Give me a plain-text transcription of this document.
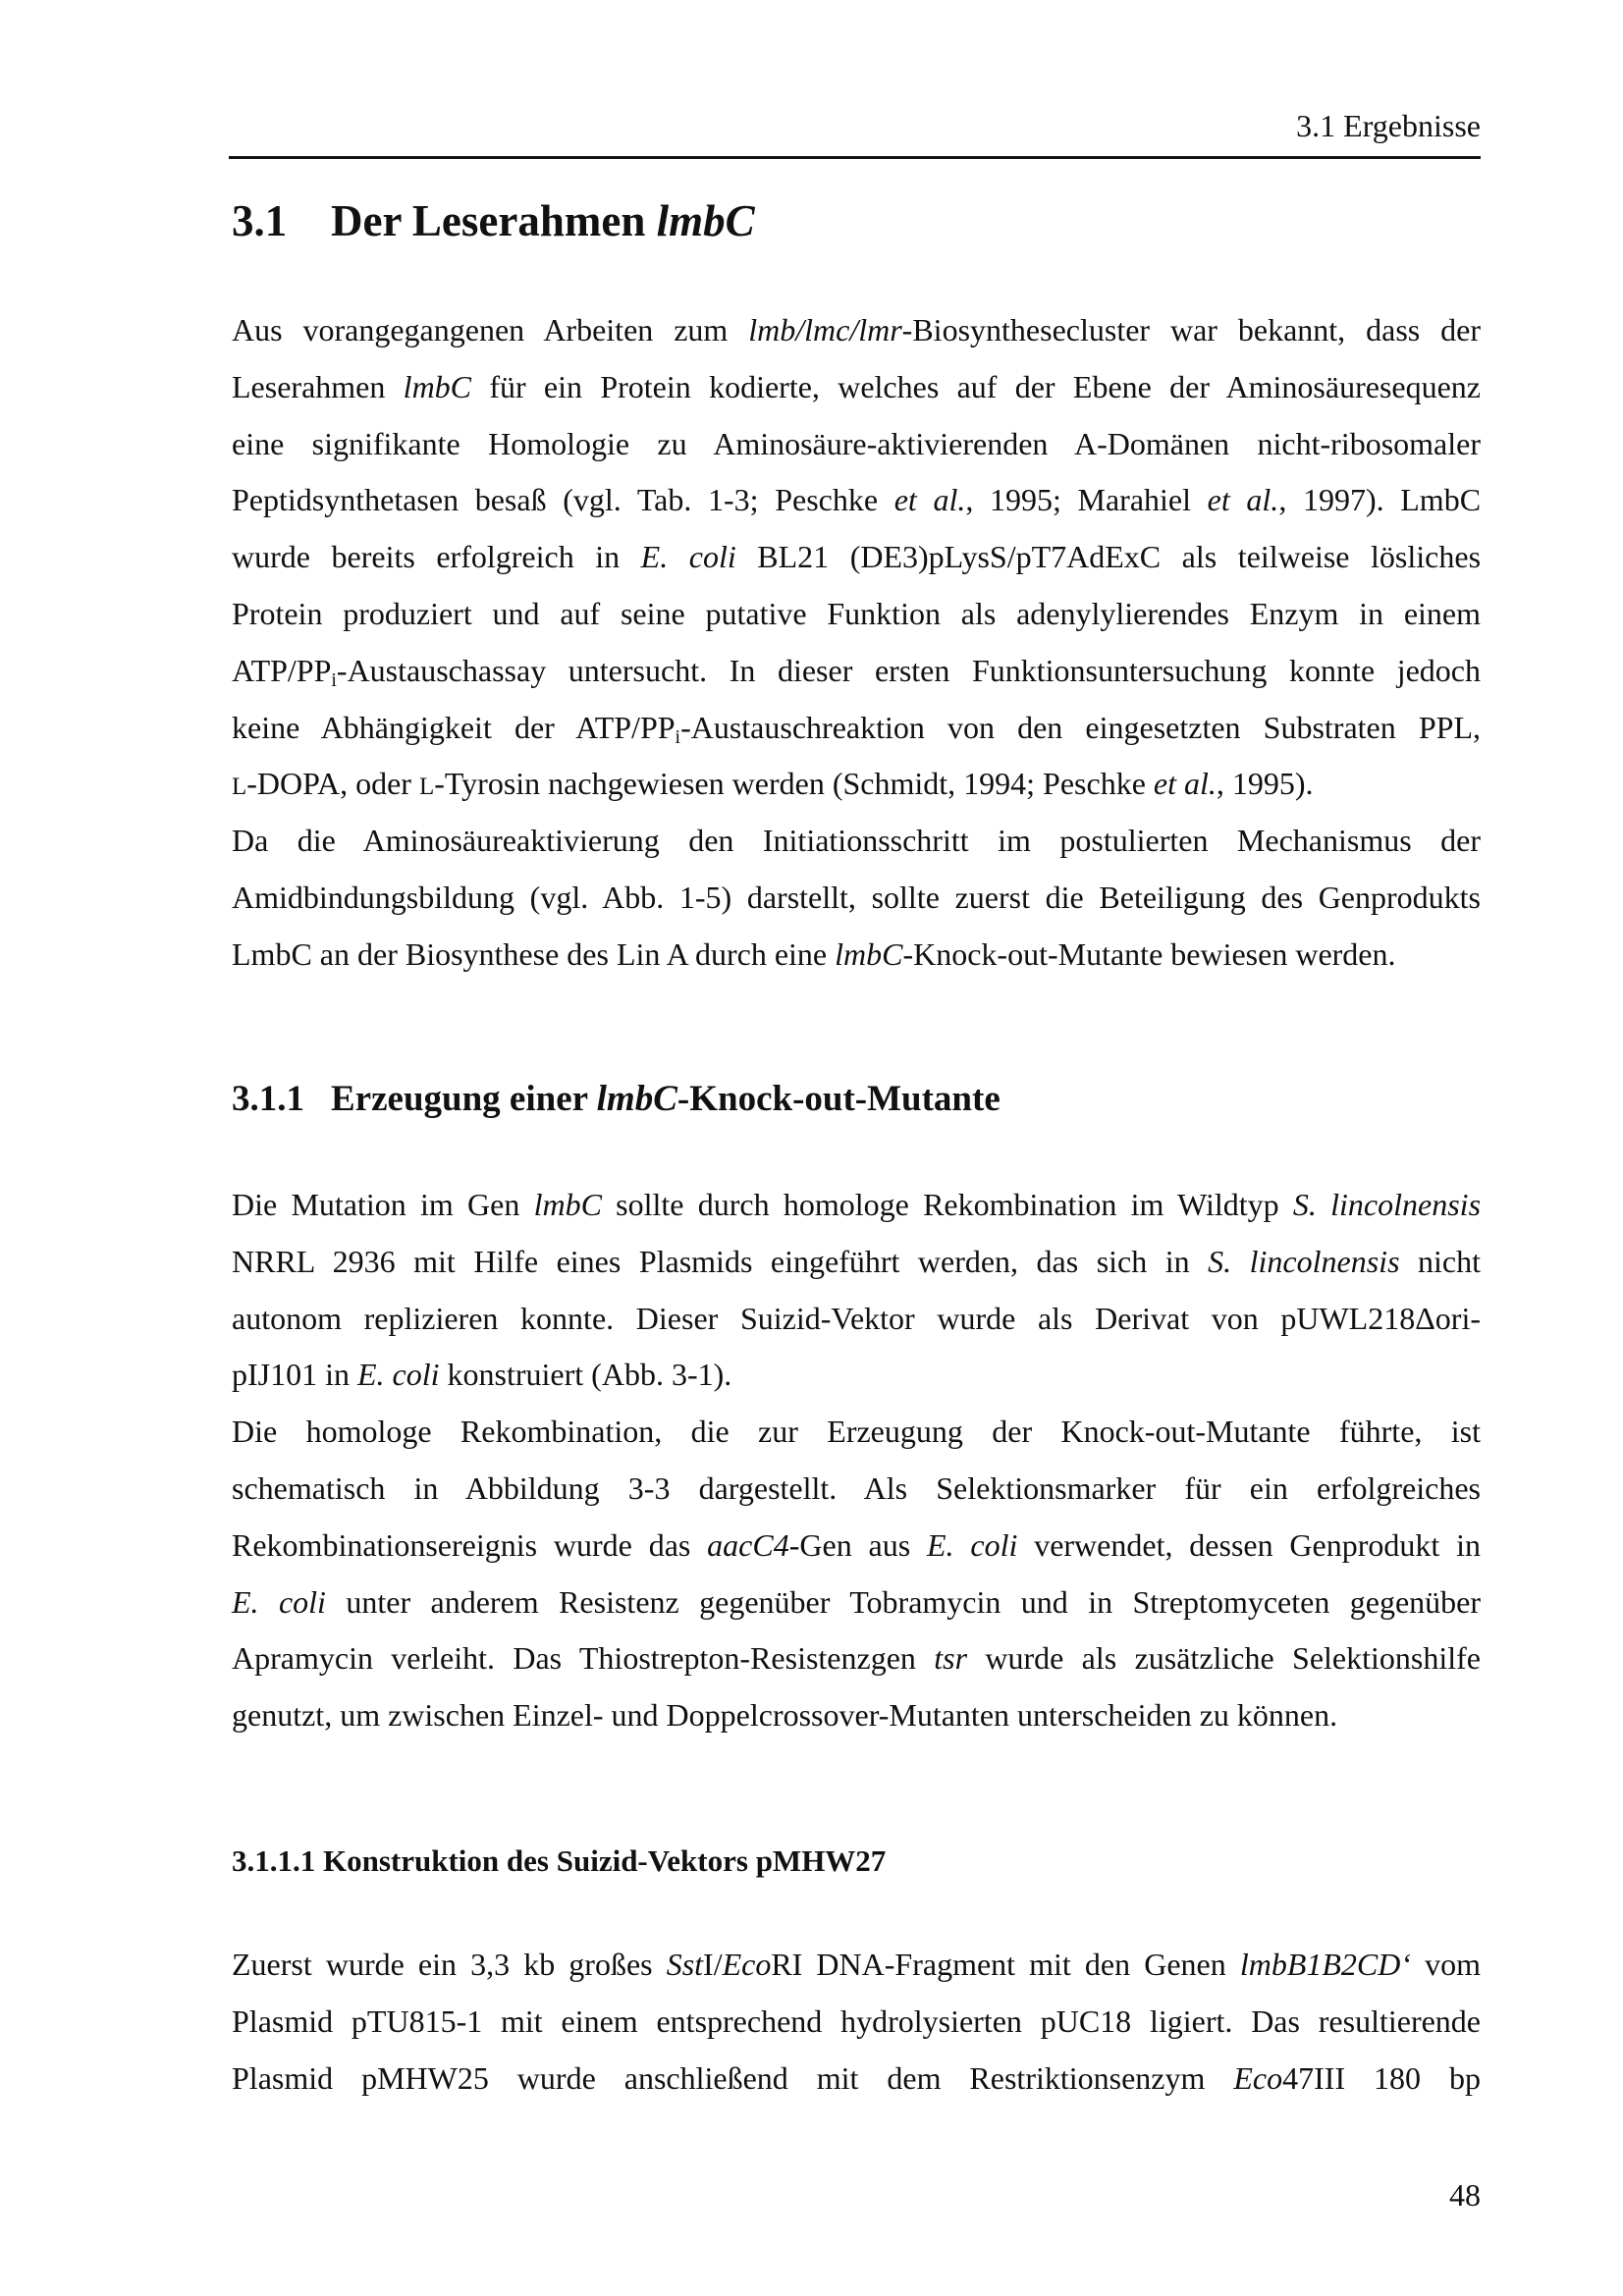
3.1 Ergebnisse
3.1 Der Leserahmen lmbC
Aus vorangegangenen Arbeiten zum lmb/lmc/lmr-Biosynthesecluster war bekannt, dass der
Leserahmen lmbC für ein Protein kodierte, welches auf der Ebene der Aminosäuresequenz
eine signifikante Homologie zu Aminosäure-aktivierenden A-Domänen nicht-ribosomaler
Peptidsynthetasen besaß (vgl. Tab. 1-3; Peschke et al., 1995; Marahiel et al., 1997). LmbC
wurde bereits erfolgreich in E. coli BL21 (DE3)pLysS/pT7AdExC als teilweise lösliches
Protein produziert und auf seine putative Funktion als adenylylierendes Enzym in einem
ATP/PPi-Austauschassay untersucht. In dieser ersten Funktionsuntersuchung konnte jedoch
keine Abhängigkeit der ATP/PPi-Austauschreaktion von den eingesetzten Substraten PPL,
L-DOPA, oder L-Tyrosin nachgewiesen werden (Schmidt, 1994; Peschke et al., 1995).
Da die Aminosäureaktivierung den Initiationsschritt im postulierten Mechanismus der
Amidbindungsbildung (vgl. Abb. 1-5) darstellt, sollte zuerst die Beteiligung des Genprodukts
LmbC an der Biosynthese des Lin A durch eine lmbC-Knock-out-Mutante bewiesen werden.
3.1.1 Erzeugung einer lmbC-Knock-out-Mutante
Die Mutation im Gen lmbC sollte durch homologe Rekombination im Wildtyp S. lincolnensis
NRRL 2936 mit Hilfe eines Plasmids eingeführt werden, das sich in S. lincolnensis nicht
autonom replizieren konnte. Dieser Suizid-Vektor wurde als Derivat von pUWL218Δori-
pIJ101 in E. coli konstruiert (Abb. 3-1).
Die homologe Rekombination, die zur Erzeugung der Knock-out-Mutante führte, ist
schematisch in Abbildung 3-3 dargestellt. Als Selektionsmarker für ein erfolgreiches
Rekombinationsereignis wurde das aacC4-Gen aus E. coli verwendet, dessen Genprodukt in
E. coli unter anderem Resistenz gegenüber Tobramycin und in Streptomyceten gegenüber
Apramycin verleiht. Das Thiostrepton-Resistenzgen tsr wurde als zusätzliche Selektionshilfe
genutzt, um zwischen Einzel- und Doppelcrossover-Mutanten unterscheiden zu können.
3.1.1.1 Konstruktion des Suizid-Vektors pMHW27
Zuerst wurde ein 3,3 kb großes SstI/EcoRI DNA-Fragment mit den Genen lmbB1B2CD‘ vom
Plasmid pTU815-1 mit einem entsprechend hydrolysierten pUC18 ligiert. Das resultierende
Plasmid pMHW25 wurde anschließend mit dem Restriktionsenzym Eco47III 180 bp
48
